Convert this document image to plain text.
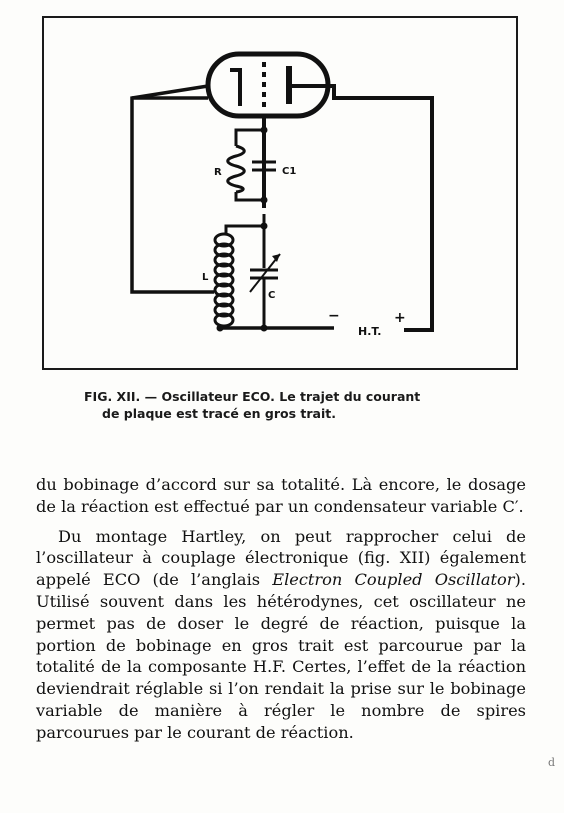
R	C1
L
C
−
H.T.
+
FIG. XII. — Oscillateur ECO. Le trajet du courant
de plaque est tracé en gros trait.

du bobinage d’accord sur sa totalité. Là encore, le dosage de la réaction est effectué par un condensateur variable C′.

Du montage Hartley, on peut rapprocher celui de l’oscillateur à couplage électronique (fig. XII) également appelé ECO (de l’anglais Electron Coupled Oscillator). Utilisé souvent dans les hétérodynes, cet oscillateur ne permet pas de doser le degré de réaction, puisque la portion de bobinage en gros trait est parcourue par la totalité de la composante H.F. Certes, l’effet de la réaction deviendrait réglable si l’on rendait la prise sur le bobinage variable de manière à régler le nombre de spires parcourues par le courant de réaction.

d
